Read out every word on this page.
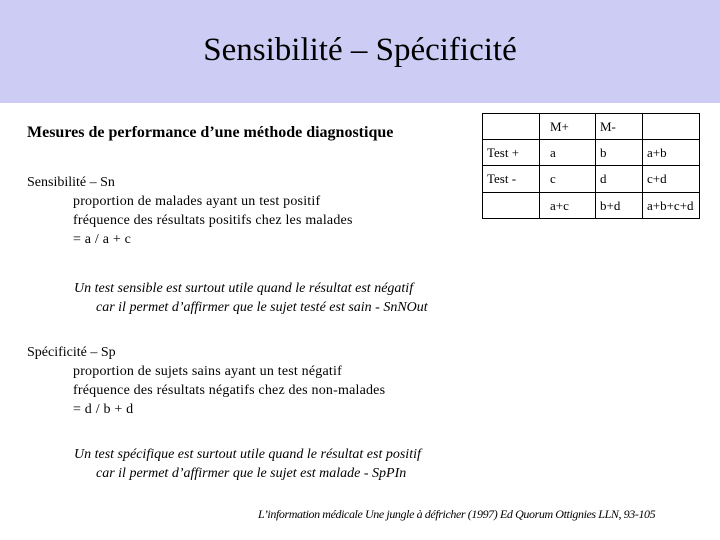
Sensibilité – Spécificité
Mesures de performance d’une méthode diagnostique
Sensibilité – Sn
proportion de malades ayant un test positif
fréquence des résultats positifs chez les malades
= a / a + c
Un test sensible est surtout utile quand le résultat est négatif
car il permet d’affirmer que le sujet testé est sain - SnNOut
Spécificité – Sp
proportion de sujets sains ayant un test négatif
fréquence des résultats négatifs chez des non-malades
= d / b + d
Un test spécifique est surtout utile quand le résultat est positif
car il permet d’affirmer que le sujet est malade - SpPIn
	M+	M-	
Test +	a	b	a+b
Test -	c	d	c+d
	a+c	b+d	a+b+c+d
L’information médicale Une jungle à défricher (1997) Ed Quorum Ottignies LLN, 93-105
